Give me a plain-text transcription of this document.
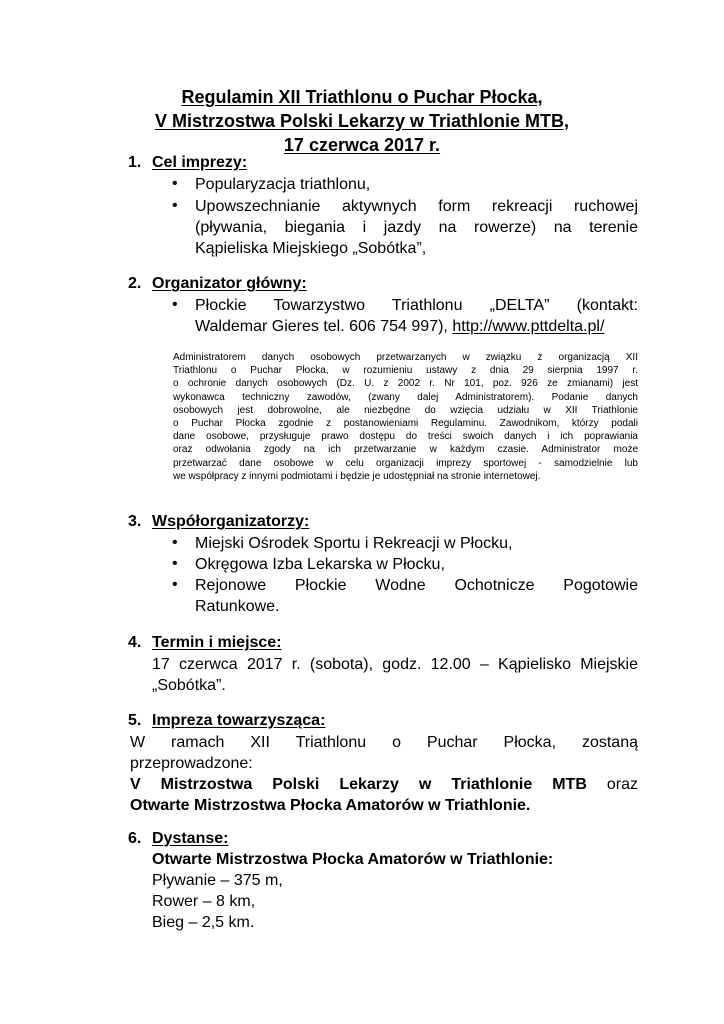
Regulamin XII Triathlonu o Puchar Płocka,
V Mistrzostwa Polski Lekarzy w Triathlonie MTB,
17 czerwca 2017 r.
1. Cel imprezy:
• Popularyzacja triathlonu,
• Upowszechnianie aktywnych form rekreacji ruchowej
(pływania, biegania i jazdy na rowerze) na terenie
Kąpieliska Miejskiego „Sobótka”,
2. Organizator główny:
• Płockie Towarzystwo Triathlonu „DELTA” (kontakt:
Waldemar Gieres tel. 606 754 997), http://www.pttdelta.pl/
Administratorem danych osobowych przetwarzanych w związku z organizacją XII
Triathlonu o Puchar Płocka, w rozumieniu ustawy z dnia 29 sierpnia 1997 r.
o ochronie danych osobowych (Dz. U. z 2002 r. Nr 101, poz. 926 ze zmianami) jest
wykonawca techniczny zawodów, (zwany dalej Administratorem). Podanie danych
osobowych jest dobrowolne, ale niezbędne do wzięcia udziału w XII Triathlonie
o Puchar Płocka zgodnie z postanowieniami Regulaminu. Zawodnikom, którzy podali
dane osobowe, przysługuje prawo dostępu do treści swoich danych i ich poprawiania
oraz odwołania zgody na ich przetwarzanie w każdym czasie. Administrator może
przetwarzać dane osobowe w celu organizacji imprezy sportowej - samodzielnie lub
we współpracy z innymi podmiotami i będzie je udostępniał na stronie internetowej.
3. Współorganizatorzy:
• Miejski Ośrodek Sportu i Rekreacji w Płocku,
• Okręgowa Izba Lekarska w Płocku,
• Rejonowe Płockie Wodne Ochotnicze Pogotowie
Ratunkowe.
4. Termin i miejsce:
17 czerwca 2017 r. (sobota), godz. 12.00 – Kąpielisko Miejskie
„Sobótka”.
5. Impreza towarzysząca:
W ramach XII Triathlonu o Puchar Płocka, zostaną
przeprowadzone:
V Mistrzostwa Polski Lekarzy w Triathlonie MTB oraz
Otwarte Mistrzostwa Płocka Amatorów w Triathlonie.
6. Dystanse:
Otwarte Mistrzostwa Płocka Amatorów w Triathlonie:
Pływanie – 375 m,
Rower – 8 km,
Bieg – 2,5 km.
